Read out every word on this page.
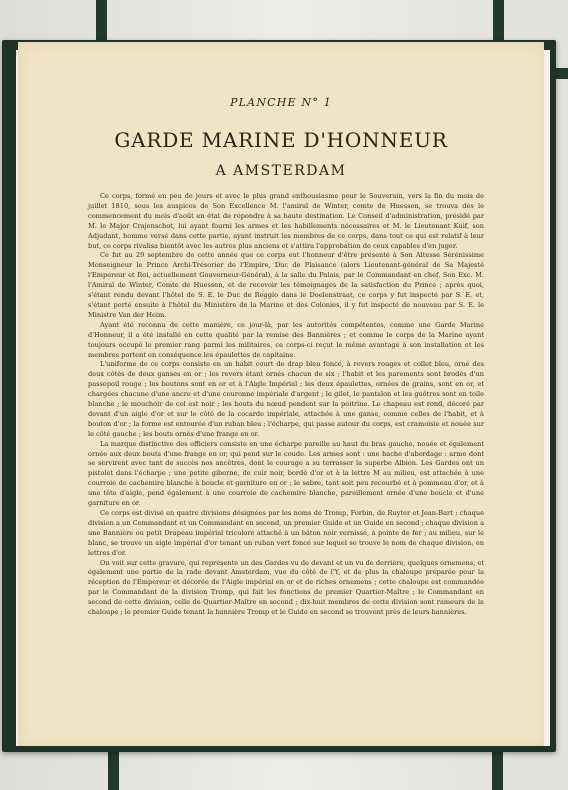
PLANCHE N° 1
GARDE MARINE D'HONNEUR
A AMSTERDAM

Ce corps, formé en peu de jours et avec le plus grand enthousiasme pour le Souverain, vers la fin du mois de juillet 1810, sous les auspices de Son Excellence M. l'amiral de Winter, comte de Huessen, se trouva dès le commencement du mois d'août en état de répondre à sa haute destination. Le Conseil d'administration, présidé par M. le Major Crajenschot, lui ayant fourni les armes et les habillements nécessaires et M. le Lieutenant Kuif, son Adjudant, homme versé dans cette partie, ayant instruit les membres de ce corps, dans tout ce qui est relatif à leur but, ce corps rivalisa bientôt avec les autres plus anciens et s'attira l'approbation de ceux capables d'en juger.

Ce fut au 29 septembre de cette année que ce corps eut l'honneur d'être présenté à Son Altesse Sérénissime Monseigneur le Prince Archi-Trésorier de l'Empire, Duc de Plaisance (alors Lieutenant-général de Sa Majesté l'Empereur et Roi, actuellement Gouverneur-Général), à la salle du Palais, par le Commandant en chef, Son Exc. M. l'Amiral de Winter, Comte de Huessen, et de recevoir les témoignages de la satisfaction du Prince ; après quoi, s'étant rendu devant l'hôtel de S. E. le Duc de Reggio dans le Doelenstraat, ce corps y fut inspecté par S. E. et, s'étant porté ensuite à l'hôtel du Ministère de la Marine et des Colonies, il y fut inspecté de nouveau par S. E. le Ministre Van der Heim.

Ayant été reconnu de cette manière, ce jour-là, par les autorités compétentes, comme une Garde Marine d'Honneur, il a été installé en cette qualité par la remise des Bannières ; et comme le corps de la Marine ayant toujours occupé le premier rang parmi les militaires, ce corps-ci reçut le même avantage à son installation et les membres portent en conséquence les épaulettes de capitaine.

L'uniforme de ce corps consiste en un habit court de drap bleu foncé, à revers rouges et collet bleu, orné des deux côtés de deux ganses en or ; les revers étant ornés chacun de six ; l'habit et les parements sont brodés d'un passepoil rouge ; les boutons sont en or et à l'Aigle Impérial ; les deux épaulettes, ornées de grains, sont en or, et chargées chacune d'une ancre et d'une couronne impériale d'argent ; le gilet, le pantalon et les guêtres sont en toile blanche ; le mouchoir de col est noir ; les bouts du nœud pendent sur la poitrine. Le chapeau est rond, décoré par devant d'un aigle d'or et sur le côté de la cocarde impériale, attachée à une ganse, comme celles de l'habit, et à bouton d'or ; la forme est entourée d'un ruban bleu ; l'écharpe, qui passe autour du corps, est cramoisie et nouée sur le côté gauche ; les bouts ornés d'une frange en or.

La marque distinctive des officiers consiste en une écharpe pareille au haut du bras gauche, nouée et également ornée aux deux bouts d'une frange en or, qui pend sur le coude. Les armes sont : une hache d'abordage : arme dont se servirent avec tant de succès nos ancêtres, dont le courage a su terrasser la superbe Albion. Les Gardes ont un pistolet dans l'écharpe ; une petite giberne, de cuir noir, bordé d'or et à la lettre M au milieu, est attachée à une courroie de cachemire blanche à boucle et garniture en or ; le sabre, tant soit peu recourbé et à pommeau d'or, et à une tête d'aigle, pend également à une courroie de cachemire blanche, pareillement ornée d'une boucle et d'une garniture en or.

Ce corps est divisé en quatre divisions désignées par les noms de Tromp, Forbin, de Ruyter et Jean-Bart ; chaque division a un Commandant et un Commandant en second, un premier Guide et un Guide en second ; chaque division a une Bannière ou petit Drapeau impérial tricolore attaché à un bâton noir vernissé, à pointe de fer ; au milieu, sur le blanc, se trouve un aigle impérial d'or tenant un ruban vert foncé sur lequel se trouve le nom de chaque division, en lettres d'or.

On voit sur cette gravure, qui représente un des Gardes vu de devant et un vu de derrière, quelques ornemens, et également une partie de la rade devant Amsterdam, vue du côté de l'Y, et de plus la chaloupe préparée pour la réception de l'Empereur et décorée de l'Aigle impérial en or et de riches ornemens ; cette chaloupe est commandée par le Commandant de la division Tromp, qui fait les fonctions de premier Quartier-Maître ; le Commandant en second de cette division, celle de Quartier-Maître en second ; dix-huit membres de cette division sont rameurs de la chaloupe ; le premier Guide tenant la bannière Tromp et le Guide en second se trouvent près de leurs bannières.
